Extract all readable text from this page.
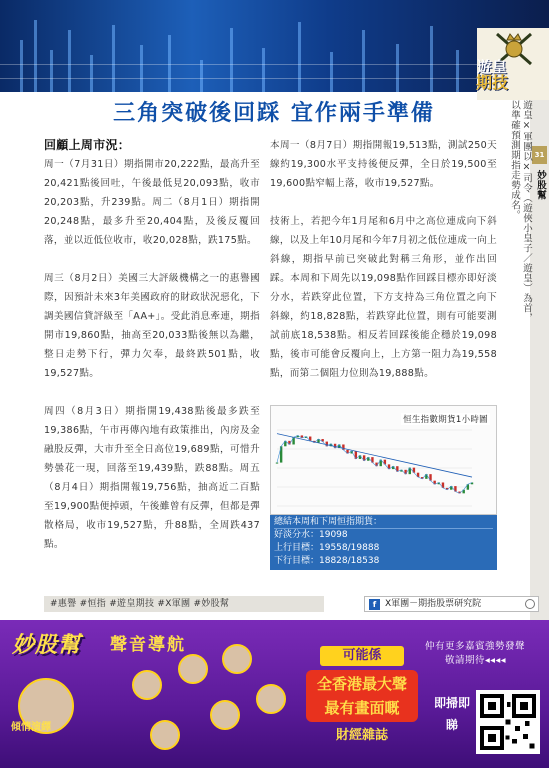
遊皇
期技
31
妙股幫
遊皇×軍團以×司令（遊俠小皇子／遊皇）為首，
以準確預測期指走勢成名。
三角突破後回踩 宜作兩手準備
回顧上周市況：

周一（7月31日）期指開市20,222點，最高升至20,421點後回吐，午後最低見20,093點，收市20,203點，升239點。周二（8月1日）期指開20,248點，最多升至20,404點，及後反覆回落，並以近低位收市，收20,028點，跌175點。

周三（8月2日）美國三大評級機構之一的惠譽國際，因預計未來3年美國政府的財政狀況惡化，下調美國信貸評級至「AA+」。受此消息牽連，期指開市19,860點，抽高至20,033點後無以為繼，整日走勢下行，彈力欠奉，最終跌501點，收19,527點。

周四（8月3日）期指開19,438點後最多跌至19,386點，午市再傳內地有政策推出，內房及金融股反彈，大市升至全日高位19,689點，可惜升勢曇花一現，回落至19,439點，跌88點。周五（8月4日）期指開報19,756點，抽高近二百點至19,900點便掉頭，午後雖曾有反彈，但都是彈散格局，收市19,527點，升88點，全周跌437點。

本周一（8月7日）期指開報19,513點，測試250天線約19,300水平支持後便反彈，全日於19,500至19,600點窄幅上落，收市19,527點。

技術上，若把今年1月尾和6月中之高位連成向下斜線，以及上年10月尾和今年7月初之低位連成一向上斜線，期指早前已突破此對稱三角形，並作出回踩。本周和下周先以19,098點作回踩目標亦即好淡分水，若跌穿此位置，下方支持為三角位置之向下斜線，約18,828點，若跌穿此位置，則有可能要測試前底18,538點。相反若回踩後能企穩於19,098點，後市可能會反覆向上，上方第一阻力為19,558點，而第二個阻力位則為19,888點。

恒生指數期貨1小時圖
總結本周和下周恒指期貨：
好淡分水：19098
上行目標：19558/19888
下行目標：18828/18538
#惠譽 #恒指 #遊皇期技 #X軍團 #妙股幫	f X軍團－期指股票研究院
妙股幫 聲音導航	仲有更多嘉賓強勢發聲
敬請期待◂◂◂◂
傾情演繹
可能係
全香港最大聲
最有畫面嘅
財經雜誌
即掃即睇
